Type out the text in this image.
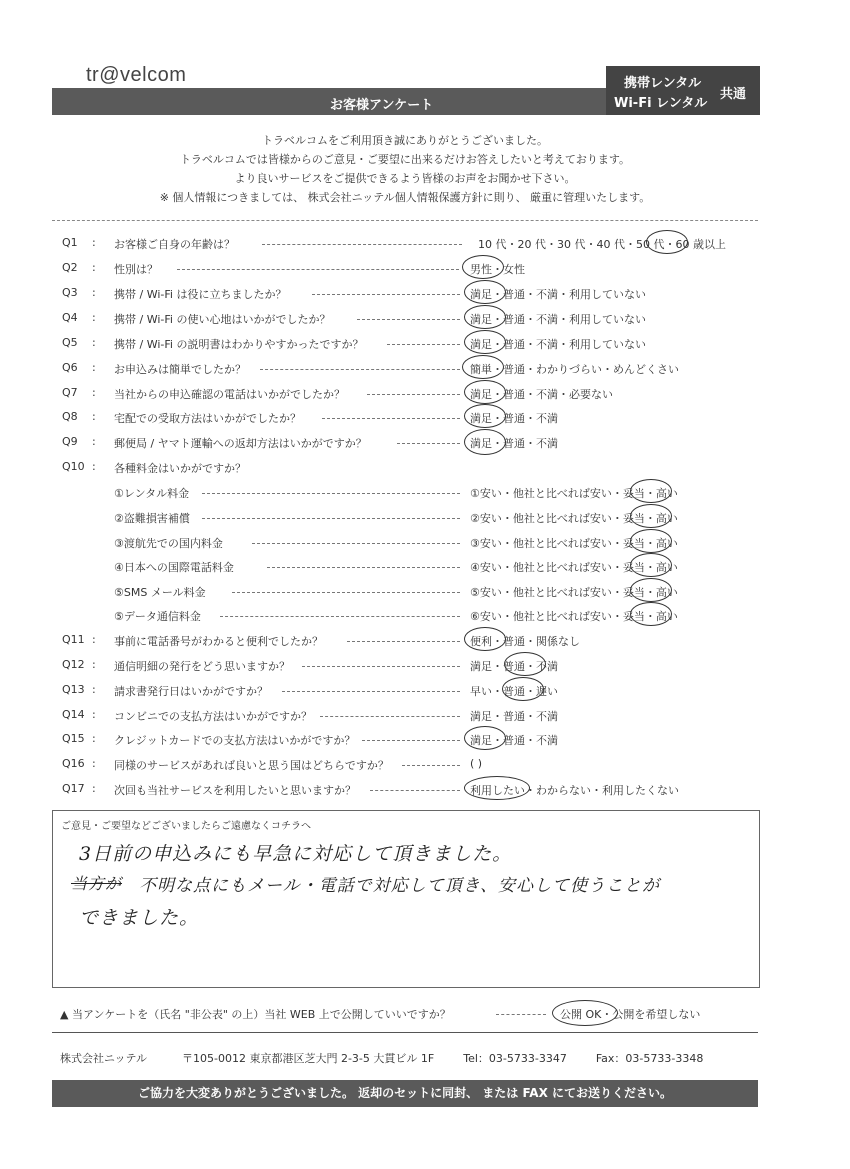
tr@velcom
お客様アンケート
携帯レンタル
Wi-Fi レンタル
共通
トラベルコムをご利用頂き誠にありがとうございました。
トラベルコムでは皆様からのご意見・ご要望に出来るだけお答えしたいと考えております。
より良いサービスをご提供できるよう皆様のお声をお聞かせ下さい。
※ 個人情報につきましては、 株式会社ニッテル個人情報保護方針に則り、 厳重に管理いたします。
Q1 : お客様ご自身の年齢は？	10 代・20 代・30 代・40 代・50 代・60 歳以上
Q2 : 性別は？	男性・女性
Q3 : 携帯 / Wi-Fi は役に立ちましたか？	満足・普通・不満・利用していない
Q4 : 携帯 / Wi-Fi の使い心地はいかがでしたか？	満足・普通・不満・利用していない
Q5 : 携帯 / Wi-Fi の説明書はわかりやすかったですか？	満足・普通・不満・利用していない
Q6 : お申込みは簡単でしたか？	簡単・普通・わかりづらい・めんどくさい
Q7 : 当社からの申込確認の電話はいかがでしたか？	満足・普通・不満・必要ない
Q8 : 宅配での受取方法はいかがでしたか？	満足・普通・不満
Q9 : 郵便局 / ヤマト運輸への返却方法はいかがですか？	満足・普通・不満
Q10 : 各種料金はいかがですか？
①レンタル料金	①安い・他社と比べれば安い・妥当・高い
②盗難損害補償	②安い・他社と比べれば安い・妥当・高い
③渡航先での国内料金	③安い・他社と比べれば安い・妥当・高い
④日本への国際電話料金	④安い・他社と比べれば安い・妥当・高い
⑤SMS メール料金	⑤安い・他社と比べれば安い・妥当・高い
⑤データ通信料金	⑥安い・他社と比べれば安い・妥当・高い
Q11 : 事前に電話番号がわかると便利でしたか？	便利・普通・関係なし
Q12 : 通信明細の発行をどう思いますか？	満足・普通・不満
Q13 : 請求書発行日はいかがですか？	早い・普通・遅い
Q14 : コンビニでの支払方法はいかがですか？	満足・普通・不満
Q15 : クレジットカードでの支払方法はいかがですか？	満足・普通・不満
Q16 : 同様のサービスがあれば良いと思う国はどちらですか？	( )
Q17 : 次回も当社サービスを利用したいと思いますか？	利用したい・わからない・利用したくない
ご意見・ご要望などございましたらご遠慮なくコチラへ
3日前の申込みにも早急に対応して頂きました。
当方が 不明な点にもメール・電話で対応して頂き、安心して使うことが
できました。
▲ 当アンケートを（氏名 "非公表" の上）当社 WEB 上で公開していいですか？	公開 OK・公開を希望しない
株式会社ニッテル	〒105-0012 東京都港区芝大門 2-3-5 大貫ビル 1F	Tel：03-5733-3347	Fax：03-5733-3348
ご協力を大変ありがとうございました。 返却のセットに同封、 または FAX にてお送りください。
